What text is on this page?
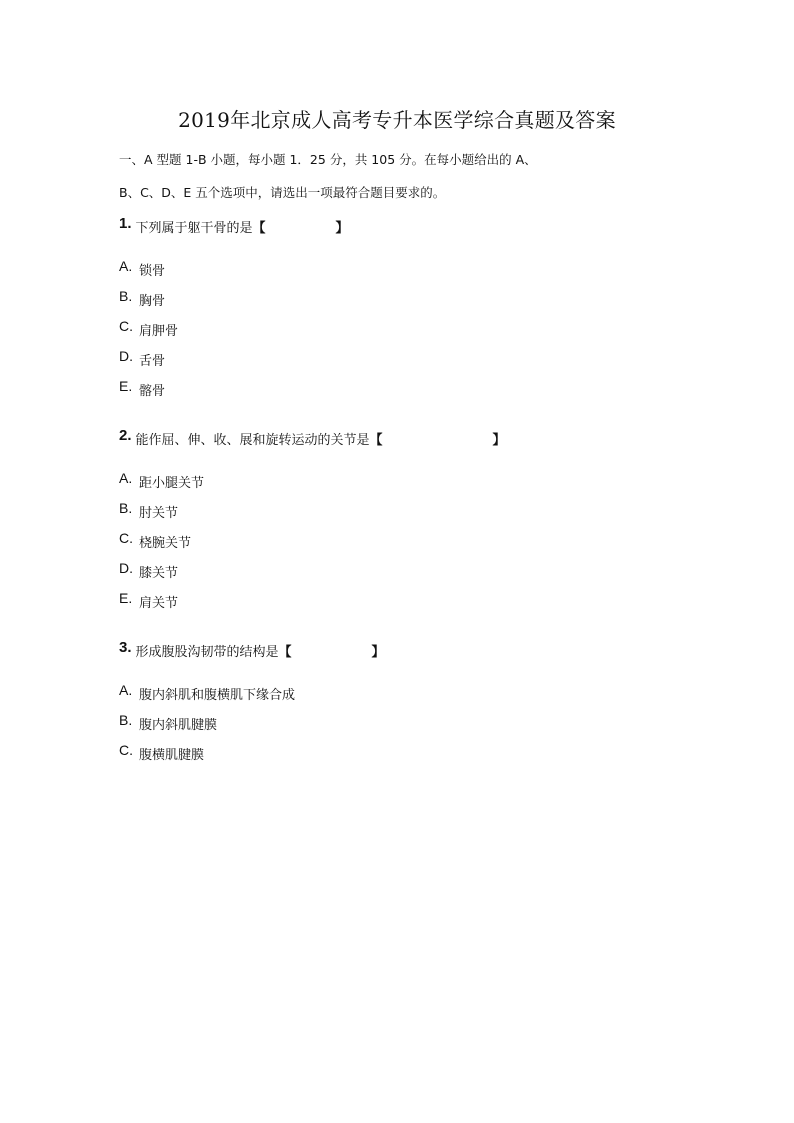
2019年北京成人高考专升本医学综合真题及答案

一、A 型题 1-B 小题，每小题 1．25 分，共 105 分。在每小题给出的 A、

B、C、D、E 五个选项中，请选出一项最符合题目要求的。

1. 下列属于躯干骨的是【	】
A. 锁骨
B. 胸骨
C. 肩胛骨
D. 舌骨
E. 髂骨
2. 能作屈、伸、收、展和旋转运动的关节是【	】
A. 距小腿关节
B. 肘关节
C. 桡腕关节
D. 膝关节
E. 肩关节
3. 形成腹股沟韧带的结构是【	】
A. 腹内斜肌和腹横肌下缘合成
B. 腹内斜肌腱膜
C. 腹横肌腱膜
